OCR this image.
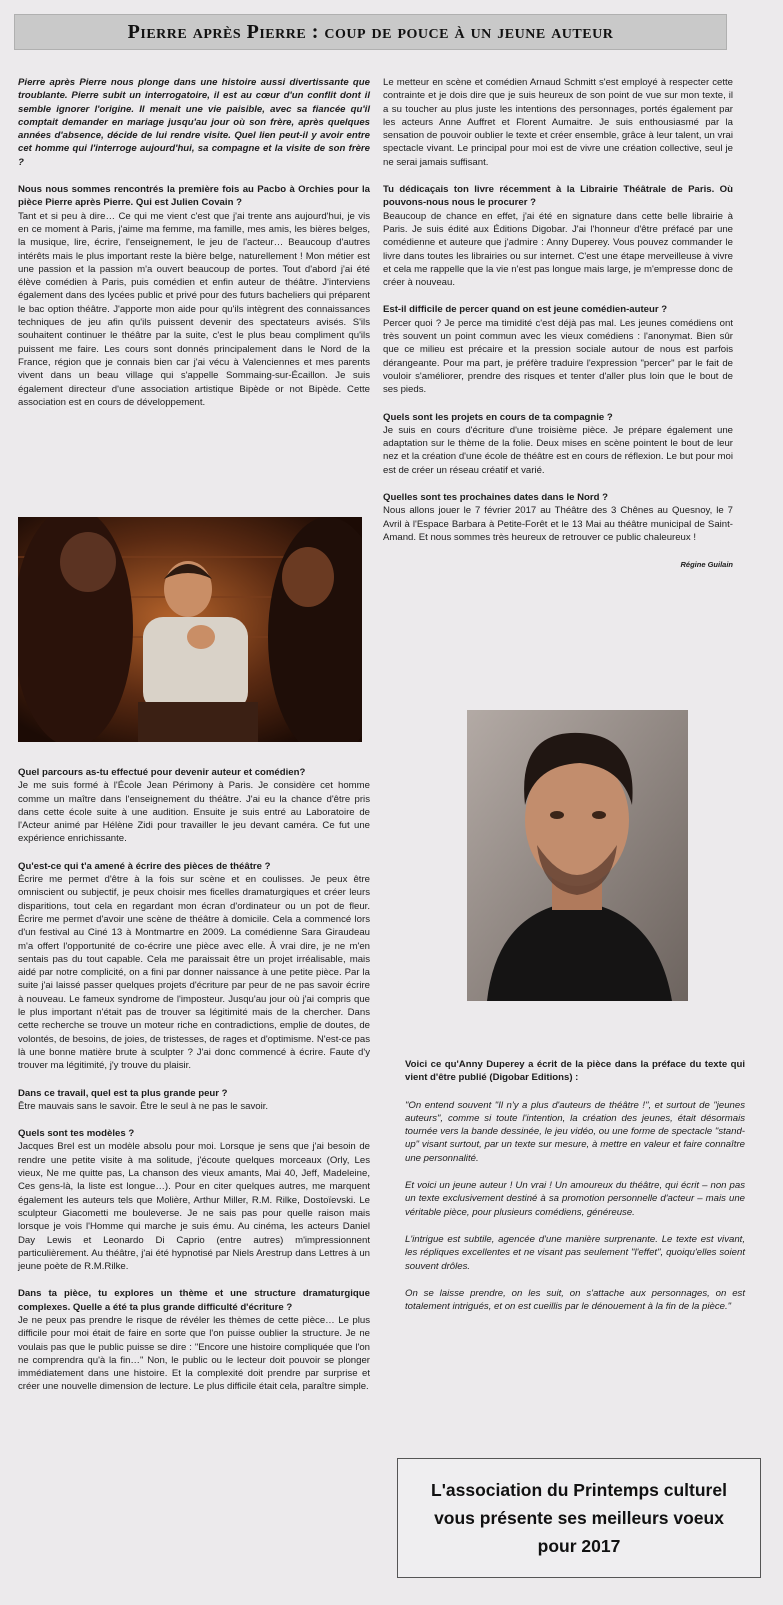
Pierre après Pierre : coup de pouce à un jeune auteur

Pierre après Pierre nous plonge dans une histoire aussi divertissante que troublante. Pierre subit un interrogatoire, il est au cœur d'un conflit dont il semble ignorer l'origine. Il menait une vie paisible, avec sa fiancée qu'il comptait demander en mariage jusqu'au jour où son frère, après quelques années d'absence, décide de lui rendre visite. Quel lien peut-il y avoir entre cet homme qui l'interroge aujourd'hui, sa compagne et la visite de son frère ?

Nous nous sommes rencontrés la première fois au Pacbo à Orchies pour la pièce Pierre après Pierre. Qui est Julien Covain ?
Tant et si peu à dire… Ce qui me vient c'est que j'ai trente ans aujourd'hui, je vis en ce moment à Paris, j'aime ma femme, ma famille, mes amis, les bières belges, la musique, lire, écrire, l'enseignement, le jeu de l'acteur… Beaucoup d'autres intérêts mais le plus important reste la bière belge, naturellement ! Mon métier est une passion et la passion m'a ouvert beaucoup de portes. Tout d'abord j'ai été élève comédien à Paris, puis comédien et enfin auteur de théâtre. J'interviens également dans des lycées public et privé pour des futurs bacheliers qui préparent le bac option théâtre. J'apporte mon aide pour qu'ils intègrent des connaissances techniques de jeu afin qu'ils puissent devenir des spectateurs avisés. S'ils souhaitent continuer le théâtre par la suite, c'est le plus beau compliment qu'ils puissent me faire. Les cours sont donnés principalement dans le Nord de la France, région que je connais bien car j'ai vécu à Valenciennes et mes parents vivent dans un beau village qui s'appelle Sommaing-sur-Écaillon. Je suis également directeur d'une association artistique Bipède or not Bipède. Cette association est en cours de développement.

Quel parcours as-tu effectué pour devenir auteur et comédien?
Je me suis formé à l'École Jean Périmony à Paris. Je considère cet homme comme un maître dans l'enseignement du théâtre. J'ai eu la chance d'être pris dans cette école suite à une audition. Ensuite je suis entré au Laboratoire de l'Acteur animé par Hélène Zidi pour travailler le jeu devant caméra. Ce fut une expérience enrichissante.

Qu'est-ce qui t'a amené à écrire des pièces de théâtre ?
Écrire me permet d'être à la fois sur scène et en coulisses. Je peux être omniscient ou subjectif, je peux choisir mes ficelles dramaturgiques et créer leurs disparitions, tout cela en regardant mon écran d'ordinateur ou un pot de fleur. Écrire me permet d'avoir une scène de théâtre à domicile. Cela a commencé lors d'un festival au Ciné 13 à Montmartre en 2009. La comédienne Sara Giraudeau m'a offert l'opportunité de co-écrire une pièce avec elle. À vrai dire, je ne m'en sentais pas du tout capable. Cela me paraissait être un projet irréalisable, mais aidé par notre complicité, on a fini par donner naissance à une petite pièce. Par la suite j'ai laissé passer quelques projets d'écriture par peur de ne pas savoir écrire à nouveau. Le fameux syndrome de l'imposteur. Jusqu'au jour où j'ai compris que le plus important n'était pas de trouver sa légitimité mais de la chercher. Dans cette recherche se trouve un moteur riche en contradictions, emplie de doutes, de volontés, de besoins, de joies, de tristesses, de rages et d'optimisme. N'est-ce pas là une bonne matière brute à sculpter ? J'ai donc commencé à écrire. Faute d'y trouver ma légitimité, j'y trouve du plaisir.

Dans ce travail, quel est ta plus grande peur ?
Être mauvais sans le savoir. Être le seul à ne pas le savoir.

Quels sont tes modèles ?
Jacques Brel est un modèle absolu pour moi. Lorsque je sens que j'ai besoin de rendre une petite visite à ma solitude, j'écoute quelques morceaux (Orly, Les vieux, Ne me quitte pas, La chanson des vieux amants, Mai 40, Jeff, Madeleine, Ces gens-là, la liste est longue…). Pour en citer quelques autres, me marquent également les auteurs tels que Molière, Arthur Miller, R.M. Rilke, Dostoïevski. Le sculpteur Giacometti me bouleverse. Je ne sais pas pour quelle raison mais lorsque je vois l'Homme qui marche je suis ému. Au cinéma, les acteurs Daniel Day Lewis et Leonardo Di Caprio (entre autres) m'impressionnent particulièrement. Au théâtre, j'ai été hypnotisé par Niels Arestrup dans Lettres à un jeune poète de R.M.Rilke.

Dans ta pièce, tu explores un thème et une structure dramaturgique complexes. Quelle a été ta plus grande difficulté d'écriture ?
Je ne peux pas prendre le risque de révéler les thèmes de cette pièce… Le plus difficile pour moi était de faire en sorte que l'on puisse oublier la structure. Je ne voulais pas que le public puisse se dire : "Encore une histoire compliquée que l'on ne comprendra qu'à la fin…" Non, le public ou le lecteur doit pouvoir se plonger immédiatement dans une histoire. Et la complexité doit prendre par surprise et créer une nouvelle dimension de lecture. Le plus difficile était cela, paraître simple.

Le metteur en scène et comédien Arnaud Schmitt s'est employé à respecter cette contrainte et je dois dire que je suis heureux de son point de vue sur mon texte, il a su toucher au plus juste les intentions des personnages, portés également par les acteurs Anne Auffret et Florent Aumaitre. Je suis enthousiasmé par la sensation de pouvoir oublier le texte et créer ensemble, grâce à leur talent, un vrai spectacle vivant. Le principal pour moi est de vivre une création collective, seul je ne serai jamais suffisant.

Tu dédicaçais ton livre récemment à la Librairie Théâtrale de Paris. Où pouvons-nous nous le procurer ?
Beaucoup de chance en effet, j'ai été en signature dans cette belle librairie à Paris. Je suis édité aux Éditions Digobar. J'ai l'honneur d'être préfacé par une comédienne et auteure que j'admire : Anny Duperey. Vous pouvez commander le livre dans toutes les librairies ou sur internet. C'est une étape merveilleuse à vivre et cela me rappelle que la vie n'est pas longue mais large, je m'empresse donc de créer à nouveau.

Est-il difficile de percer quand on est jeune comédien-auteur ?
Percer quoi ? Je perce ma timidité c'est déjà pas mal. Les jeunes comédiens ont très souvent un point commun avec les vieux comédiens : l'anonymat. Bien sûr que ce milieu est précaire et la pression sociale autour de nous est parfois dérangeante. Pour ma part, je préfère traduire l'expression "percer" par le fait de vouloir s'améliorer, prendre des risques et tenter d'aller plus loin que le bout de ses pieds.

Quels sont les projets en cours de ta compagnie ?
Je suis en cours d'écriture d'une troisième pièce. Je prépare également une adaptation sur le thème de la folie. Deux mises en scène pointent le bout de leur nez et la création d'une école de théâtre est en cours de réflexion. Le but pour moi est de créer un réseau créatif et varié.

Quelles sont tes prochaines dates dans le Nord ?
Nous allons jouer le 7 février 2017 au Théâtre des 3 Chênes au Quesnoy, le 7 Avril à l'Espace Barbara à Petite-Forêt et le 13 Mai au théâtre municipal de Saint-Amand. Et nous sommes très heureux de retrouver ce public chaleureux !

Régine Guilain

Voici ce qu'Anny Duperey a écrit de la pièce dans la préface du texte qui vient d'être publié (Digobar Editions) :

"On entend souvent "Il n'y a plus d'auteurs de théâtre !", et surtout de "jeunes auteurs", comme si toute l'intention, la création des jeunes, était désormais tournée vers la bande dessinée, le jeu vidéo, ou une forme de spectacle "stand-up" visant surtout, par un texte sur mesure, à mettre en valeur et faire connaître une personnalité.

Et voici un jeune auteur ! Un vrai ! Un amoureux du théâtre, qui écrit – non pas un texte exclusivement destiné à sa promotion personnelle d'acteur – mais une véritable pièce, pour plusieurs comédiens, généreuse.

L'intrigue est subtile, agencée d'une manière surprenante. Le texte est vivant, les répliques excellentes et ne visant pas seulement "l'effet", quoiqu'elles soient souvent drôles.

On se laisse prendre, on les suit, on s'attache aux personnages, on est totalement intrigués, et on est cueillis par le dénouement à la fin de la pièce."

L'association du Printemps culturel
vous présente ses meilleurs voeux
pour 2017
